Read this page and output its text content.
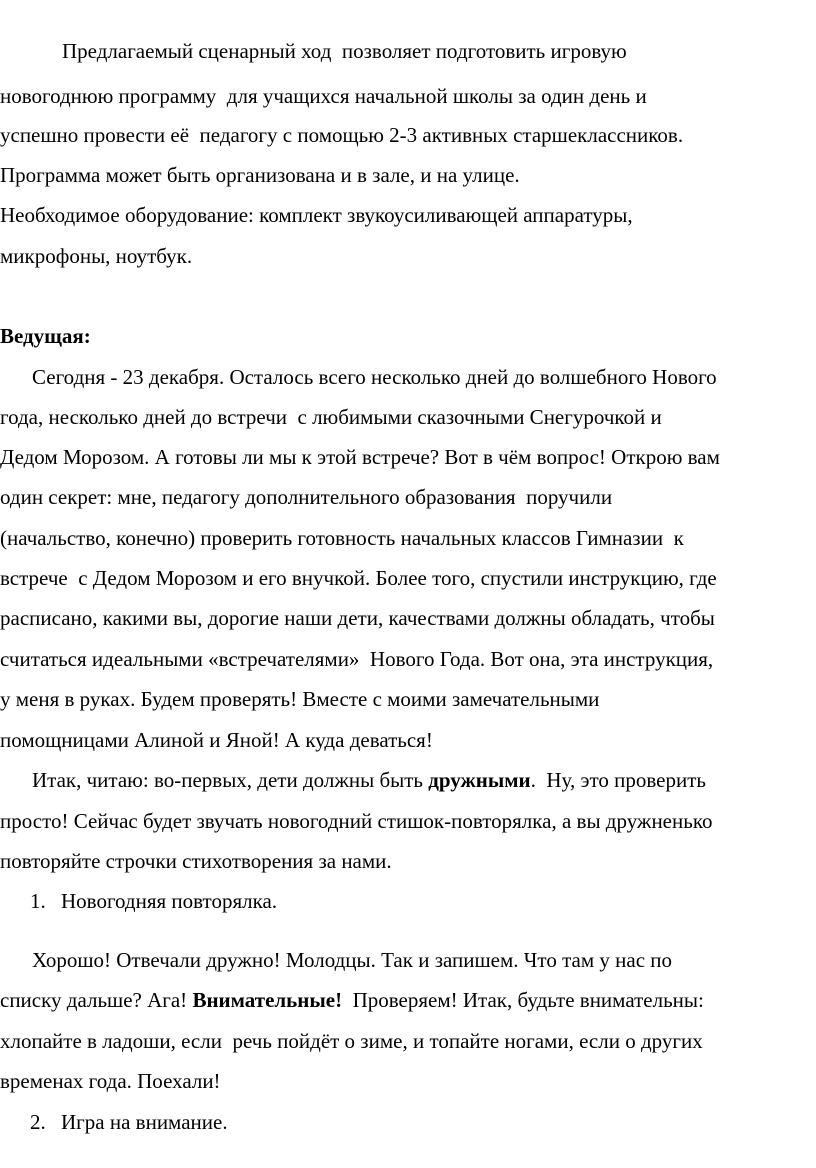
Предлагаемый сценарный ход  позволяет подготовить игровую
новогоднюю программу  для учащихся начальной школы за один день и
успешно провести её  педагогу с помощью 2-3 активных старшеклассников.
Программа может быть организована и в зале, и на улице.
Необходимое оборудование: комплект звукоусиливающей аппаратуры,
микрофоны, ноутбук.
Ведущая:
Сегодня - 23 декабря. Осталось всего несколько дней до волшебного Нового
года, несколько дней до встречи  с любимыми сказочными Снегурочкой и
Дедом Морозом. А готовы ли мы к этой встрече? Вот в чём вопрос! Открою вам
один секрет: мне, педагогу дополнительного образования  поручили
(начальство, конечно) проверить готовность начальных классов Гимназии  к
встрече  с Дедом Морозом и его внучкой. Более того, спустили инструкцию, где
расписано, какими вы, дорогие наши дети, качествами должны обладать, чтобы
считаться идеальными «встречателями»  Нового Года. Вот она, эта инструкция,
у меня в руках. Будем проверять! Вместе с моими замечательными
помощницами Алиной и Яной! А куда деваться!
Итак, читаю: во-первых, дети должны быть дружными.  Ну, это проверить
просто! Сейчас будет звучать новогодний стишок-повторялка, а вы дружненько
повторяйте строчки стихотворения за нами.
1. Новогодняя повторялка.
Хорошо! Отвечали дружно! Молодцы. Так и запишем. Что там у нас по
списку дальше? Ага! Внимательные!  Проверяем! Итак, будьте внимательны:
хлопайте в ладоши, если  речь пойдёт о зиме, и топайте ногами, если о других
временах года. Поехали!
2. Игра на внимание.
